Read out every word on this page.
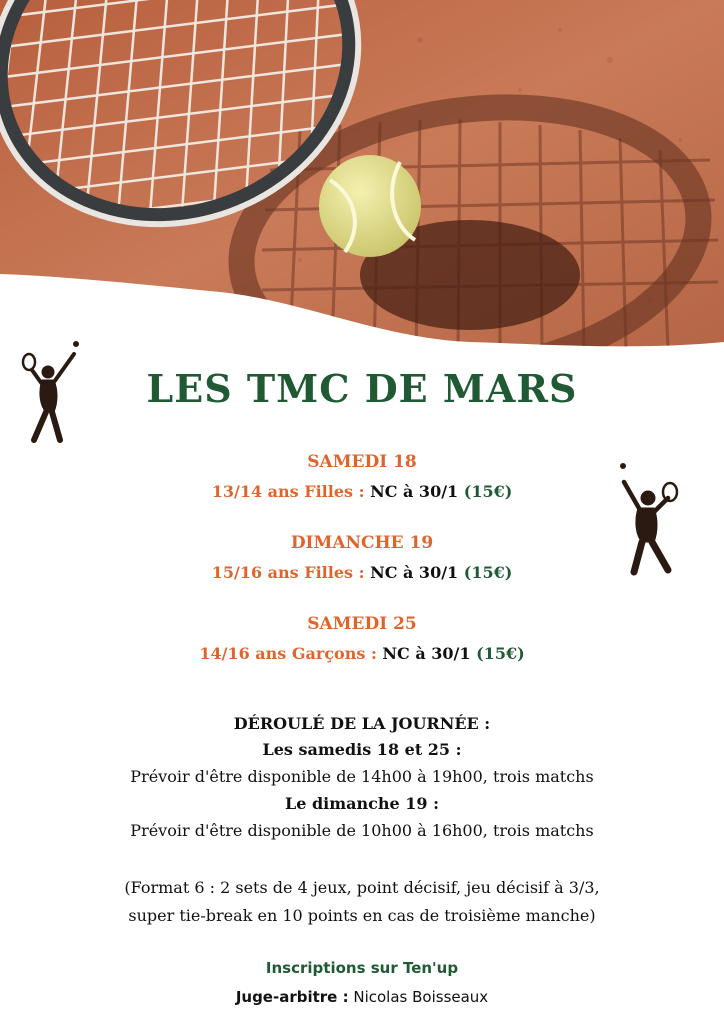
LES TMC DE MARS
SAMEDI 18
13/14 ans Filles : NC à 30/1 (15€)
DIMANCHE 19
15/16 ans Filles : NC à 30/1 (15€)
SAMEDI 25
14/16 ans Garçons : NC à 30/1 (15€)
DÉROULÉ DE LA JOURNÉE :
Les samedis 18 et 25 :
Prévoir d'être disponible de 14h00 à 19h00, trois matchs
Le dimanche 19 :
Prévoir d'être disponible de 10h00 à 16h00, trois matchs
(Format 6 : 2 sets de 4 jeux, point décisif, jeu décisif à 3/3,
super tie-break en 10 points en cas de troisième manche)
Inscriptions sur Ten'up
Juge-arbitre : Nicolas Boisseaux
